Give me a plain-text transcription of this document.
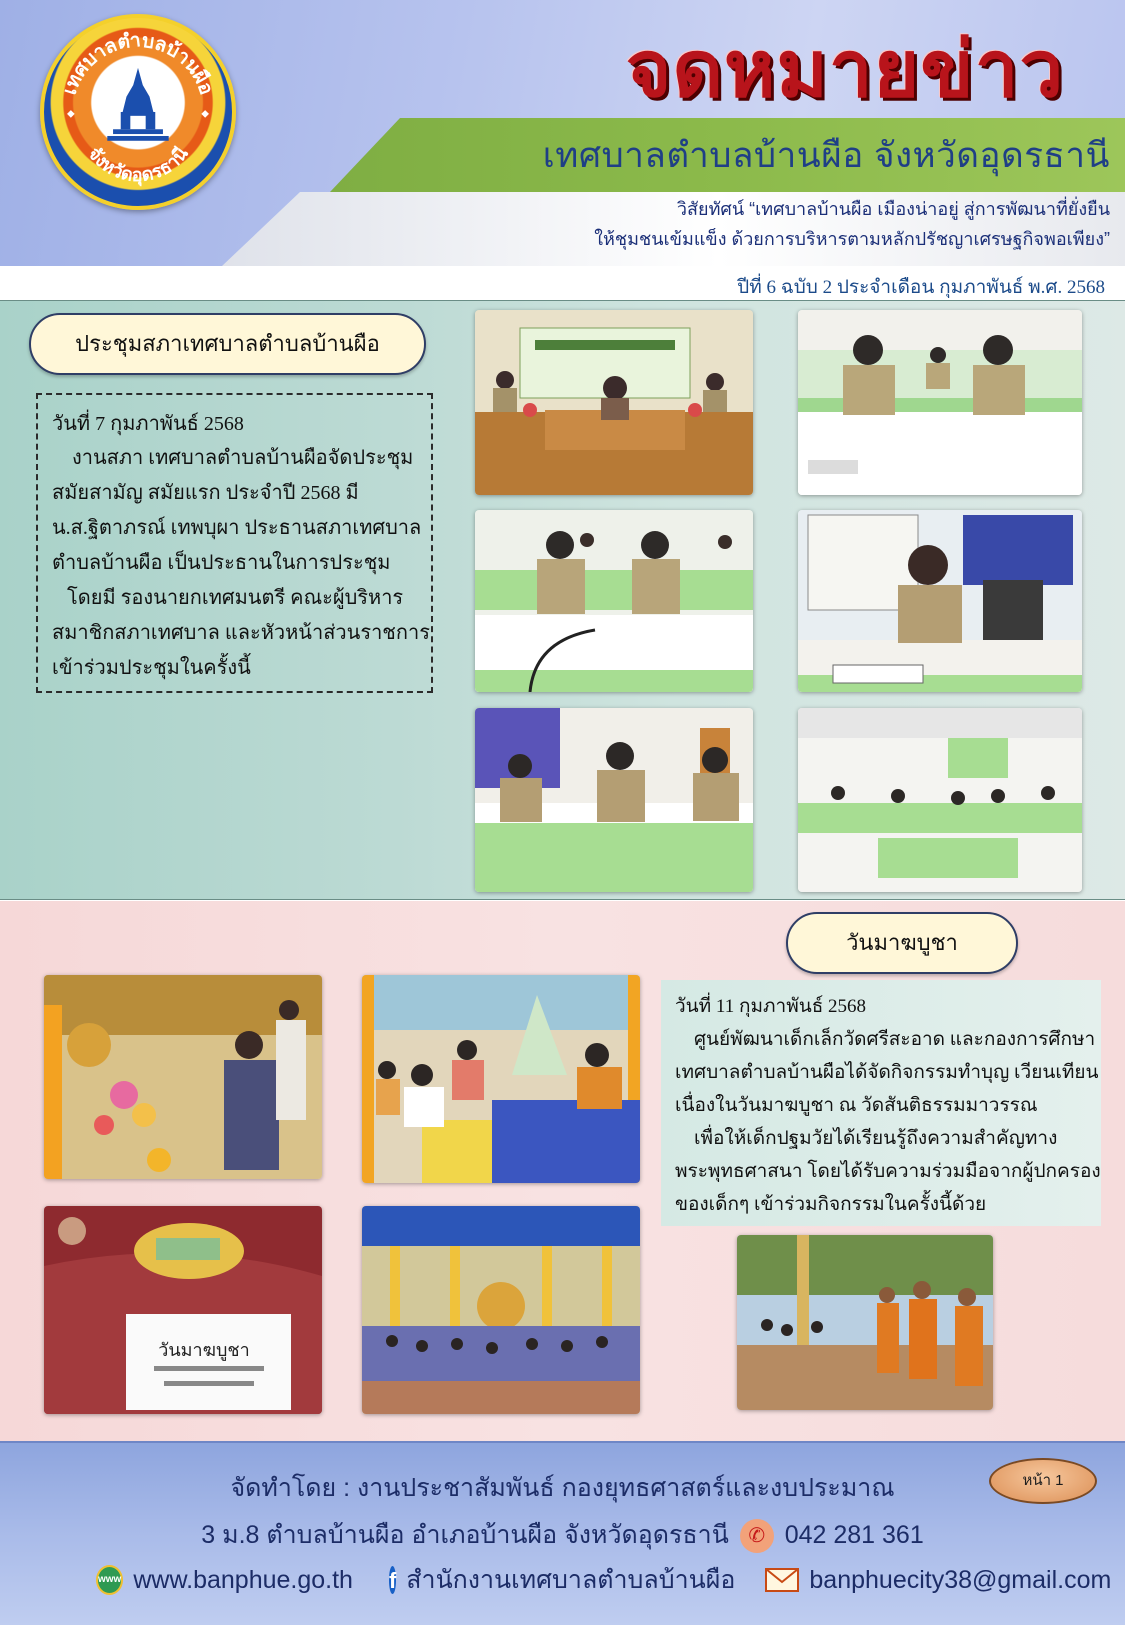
เทศบาลตำบลบ้านผือ
จังหวัดอุดรธานี
จดหมายข่าว
เทศบาลตำบลบ้านผือ จังหวัดอุดรธานี
วิสัยทัศน์ “เทศบาลบ้านผือ เมืองน่าอยู่ สู่การพัฒนาที่ยั่งยืน
ให้ชุมชนเข้มแข็ง ด้วยการบริหารตามหลักปรัชญาเศรษฐกิจพอเพียง”
ปีที่ 6 ฉบับ 2 ประจำเดือน กุมภาพันธ์ พ.ศ. 2568
ประชุมสภาเทศบาลตำบลบ้านผือ
วันที่ 7 กุมภาพันธ์ 2568
งานสภา เทศบาลตำบลบ้านผือจัดประชุม
สมัยสามัญ สมัยแรก ประจำปี 2568 มี
น.ส.ฐิตาภรณ์ เทพบุผา ประธานสภาเทศบาล
ตำบลบ้านผือ เป็นประธานในการประชุม
โดยมี รองนายกเทศมนตรี คณะผู้บริหาร
สมาชิกสภาเทศบาล และหัวหน้าส่วนราชการ
เข้าร่วมประชุมในครั้งนี้
วันมาฆบูชา
วันที่ 11 กุมภาพันธ์ 2568
ศูนย์พัฒนาเด็กเล็กวัดศรีสะอาด และกองการศึกษา
เทศบาลตำบลบ้านผือได้จัดกิจกรรมทำบุญ เวียนเทียน
เนื่องในวันมาฆบูชา ณ วัดสันติธรรมมาวรรณ
เพื่อให้เด็กปฐมวัยได้เรียนรู้ถึงความสำคัญทาง
พระพุทธศาสนา โดยได้รับความร่วมมือจากผู้ปกครอง
ของเด็กๆ เข้าร่วมกิจกรรมในครั้งนี้ด้วย
วันมาฆบูชา
จัดทำโดย : งานประชาสัมพันธ์ กองยุทธศาสตร์และงบประมาณ
3 ม.8 ตำบลบ้านผือ อำเภอบ้านผือ จังหวัดอุดรธานี ✆ 042 281 361
www www.banphue.go.th f สำนักงานเทศบาลตำบลบ้านผือ	banphuecity38@gmail.com
หน้า 1
